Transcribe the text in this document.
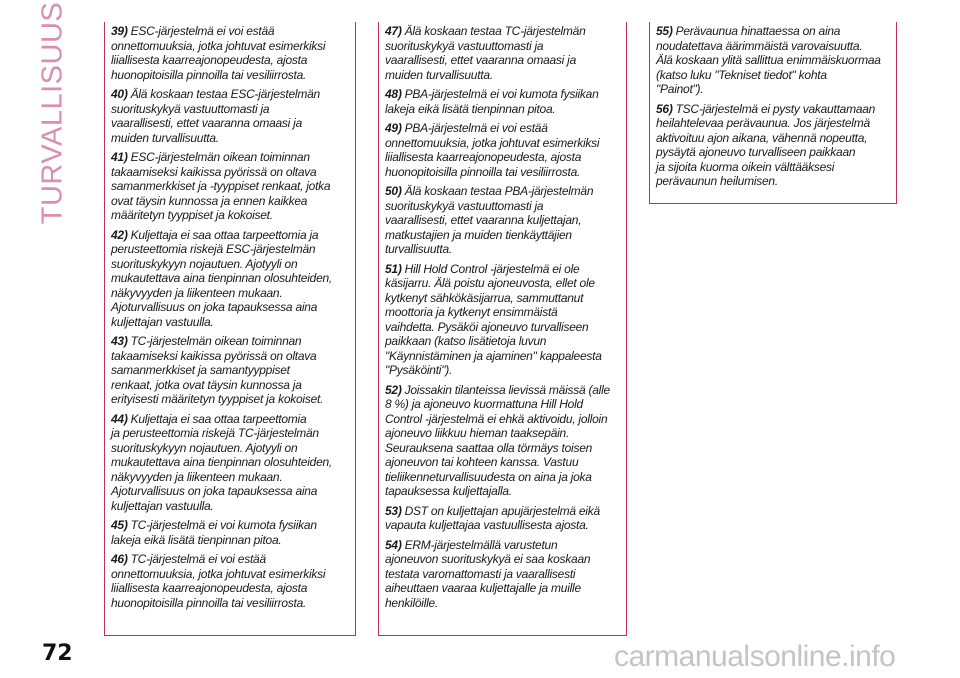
TURVALLISUUS	39) ESC-järjestelmä ei voi estää
onnettomuuksia, jotka johtuvat esimerkiksi
liiallisesta kaarreajonopeudesta, ajosta
huonopitoisilla pinnoilla tai vesiliirrosta.

40) Älä koskaan testaa ESC-järjestelmän
suorituskykyä vastuuttomasti ja
vaarallisesti, ettet vaaranna omaasi ja
muiden turvallisuutta.

41) ESC-järjestelmän oikean toiminnan
takaamiseksi kaikissa pyörissä on oltava
samanmerkkiset ja -tyyppiset renkaat, jotka
ovat täysin kunnossa ja ennen kaikkea
määritetyn tyyppiset ja kokoiset.

42) Kuljettaja ei saa ottaa tarpeettomia ja
perusteettomia riskejä ESC-järjestelmän
suorituskykyyn nojautuen. Ajotyyli on
mukautettava aina tienpinnan olosuhteiden,
näkyvyyden ja liikenteen mukaan.
Ajoturvallisuus on joka tapauksessa aina
kuljettajan vastuulla.

43) TC-järjestelmän oikean toiminnan
takaamiseksi kaikissa pyörissä on oltava
samanmerkkiset ja samantyyppiset
renkaat, jotka ovat täysin kunnossa ja
erityisesti määritetyn tyyppiset ja kokoiset.

44) Kuljettaja ei saa ottaa tarpeettomia
ja perusteettomia riskejä TC-järjestelmän
suorituskykyyn nojautuen. Ajotyyli on
mukautettava aina tienpinnan olosuhteiden,
näkyvyyden ja liikenteen mukaan.
Ajoturvallisuus on joka tapauksessa aina
kuljettajan vastuulla.

45) TC-järjestelmä ei voi kumota fysiikan
lakeja eikä lisätä tienpinnan pitoa.

46) TC-järjestelmä ei voi estää
onnettomuuksia, jotka johtuvat esimerkiksi
liiallisesta kaarreajonopeudesta, ajosta
huonopitoisilla pinnoilla tai vesiliirrosta.

47) Älä koskaan testaa TC-järjestelmän
suorituskykyä vastuuttomasti ja
vaarallisesti, ettet vaaranna omaasi ja
muiden turvallisuutta.

48) PBA-järjestelmä ei voi kumota fysiikan
lakeja eikä lisätä tienpinnan pitoa.

49) PBA-järjestelmä ei voi estää
onnettomuuksia, jotka johtuvat esimerkiksi
liiallisesta kaarreajonopeudesta, ajosta
huonopitoisilla pinnoilla tai vesiliirrosta.

50) Älä koskaan testaa PBA-järjestelmän
suorituskykyä vastuuttomasti ja
vaarallisesti, ettet vaaranna kuljettajan,
matkustajien ja muiden tienkäyttäjien
turvallisuutta.

51) Hill Hold Control -järjestelmä ei ole
käsijarru. Älä poistu ajoneuvosta, ellet ole
kytkenyt sähkökäsijarrua, sammuttanut
moottoria ja kytkenyt ensimmäistä
vaihdetta. Pysäköi ajoneuvo turvalliseen
paikkaan (katso lisätietoja luvun
"Käynnistäminen ja ajaminen" kappaleesta
"Pysäköinti").

52) Joissakin tilanteissa lievissä mäissä (alle
8 %) ja ajoneuvo kuormattuna Hill Hold
Control -järjestelmä ei ehkä aktivoidu, jolloin
ajoneuvo liikkuu hieman taaksepäin.
Seurauksena saattaa olla törmäys toisen
ajoneuvon tai kohteen kanssa. Vastuu
tieliikenneturvallisuudesta on aina ja joka
tapauksessa kuljettajalla.

53) DST on kuljettajan apujärjestelmä eikä
vapauta kuljettajaa vastuullisesta ajosta.

54) ERM-järjestelmällä varustetun
ajoneuvon suorituskykyä ei saa koskaan
testata varomattomasti ja vaarallisesti
aiheuttaen vaaraa kuljettajalle ja muille
henkilöille.

55) Perävaunua hinattaessa on aina
noudatettava äärimmäistä varovaisuutta.
Älä koskaan ylitä sallittua enimmäiskuormaa
(katso luku "Tekniset tiedot" kohta
"Painot").

56) TSC-järjestelmä ei pysty vakauttamaan
heilahtelevaa perävaunua. Jos järjestelmä
aktivoituu ajon aikana, vähennä nopeutta,
pysäytä ajoneuvo turvalliseen paikkaan
ja sijoita kuorma oikein välttääksesi
perävaunun heilumisen.

72	carmanualsonline.info
